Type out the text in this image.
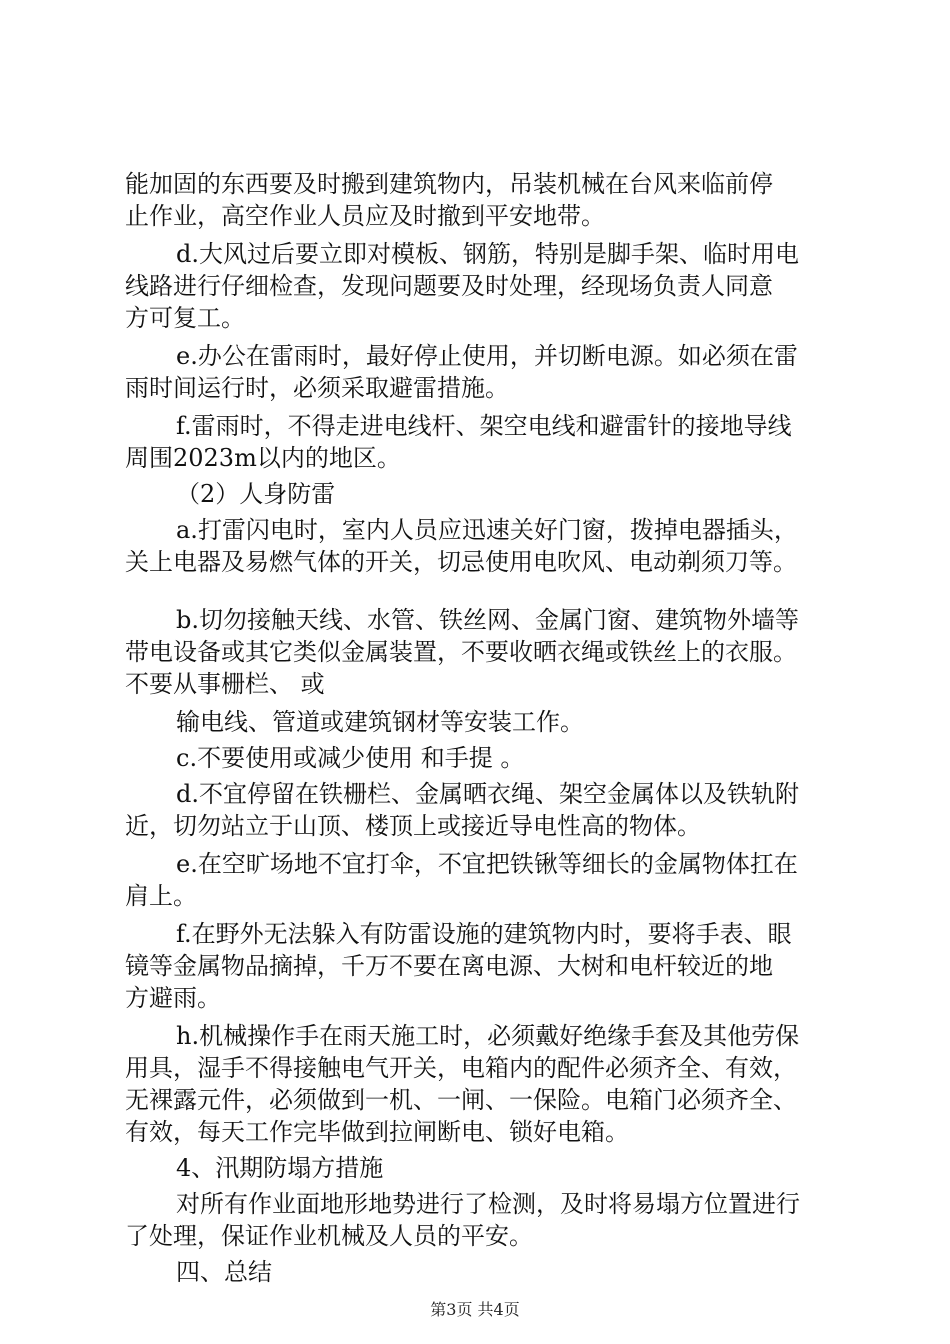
能加固的东西要及时搬到建筑物内，吊装机械在台风来临前停
止作业，高空作业人员应及时撤到平安地带。
d.大风过后要立即对模板、钢筋，特别是脚手架、临时用电
线路进行仔细检查，发现问题要及时处理，经现场负责人同意
方可复工。
e.办公在雷雨时，最好停止使用，并切断电源。如必须在雷
雨时间运行时，必须采取避雷措施。
f.雷雨时，不得走进电线杆、架空电线和避雷针的接地导线
周围2023m以内的地区。
（2）人身防雷
a.打雷闪电时，室内人员应迅速关好门窗，拨掉电器插头，
关上电器及易燃气体的开关，切忌使用电吹风、电动剃须刀等。
b.切勿接触天线、水管、铁丝网、金属门窗、建筑物外墙等
带电设备或其它类似金属装置，不要收晒衣绳或铁丝上的衣服。
不要从事栅栏、 或
输电线、管道或建筑钢材等安装工作。
c.不要使用或减少使用 和手提 。
d.不宜停留在铁栅栏、金属晒衣绳、架空金属体以及铁轨附
近，切勿站立于山顶、楼顶上或接近导电性高的物体。
e.在空旷场地不宜打伞，不宜把铁锹等细长的金属物体扛在
肩上。
f.在野外无法躲入有防雷设施的建筑物内时，要将手表、眼
镜等金属物品摘掉，千万不要在离电源、大树和电杆较近的地
方避雨。
h.机械操作手在雨天施工时，必须戴好绝缘手套及其他劳保
用具，湿手不得接触电气开关，电箱内的配件必须齐全、有效，
无裸露元件，必须做到一机、一闸、一保险。电箱门必须齐全、
有效，每天工作完毕做到拉闸断电、锁好电箱。
4、汛期防塌方措施
对所有作业面地形地势进行了检测，及时将易塌方位置进行
了处理，保证作业机械及人员的平安。
四、总结
第3页 共4页
